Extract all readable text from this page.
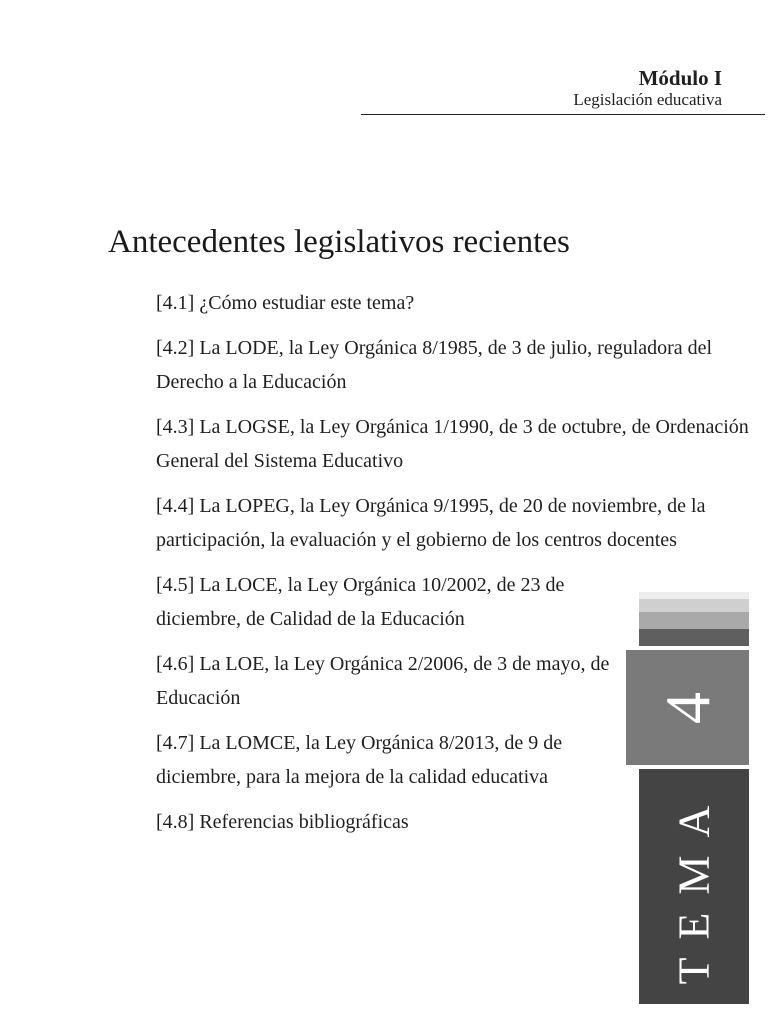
Módulo I
Legislación educativa
Antecedentes legislativos recientes
[4.1] ¿Cómo estudiar este tema?
[4.2] La LODE, la Ley Orgánica 8/1985, de 3 de julio, reguladora del Derecho a la Educación
[4.3] La LOGSE, la Ley Orgánica 1/1990, de 3 de octubre, de Ordenación General del Sistema Educativo
[4.4] La LOPEG, la Ley Orgánica 9/1995, de 20 de noviembre, de la participación, la evaluación y el gobierno de los centros docentes
[4.5] La LOCE, la Ley Orgánica 10/2002, de 23 de diciembre, de Calidad de la Educación
[4.6] La LOE, la Ley Orgánica 2/2006, de 3 de mayo, de Educación
[4.7] La LOMCE, la Ley Orgánica 8/2013, de 9 de diciembre, para la mejora de la calidad educativa
[4.8] Referencias bibliográficas
4
TEMA
